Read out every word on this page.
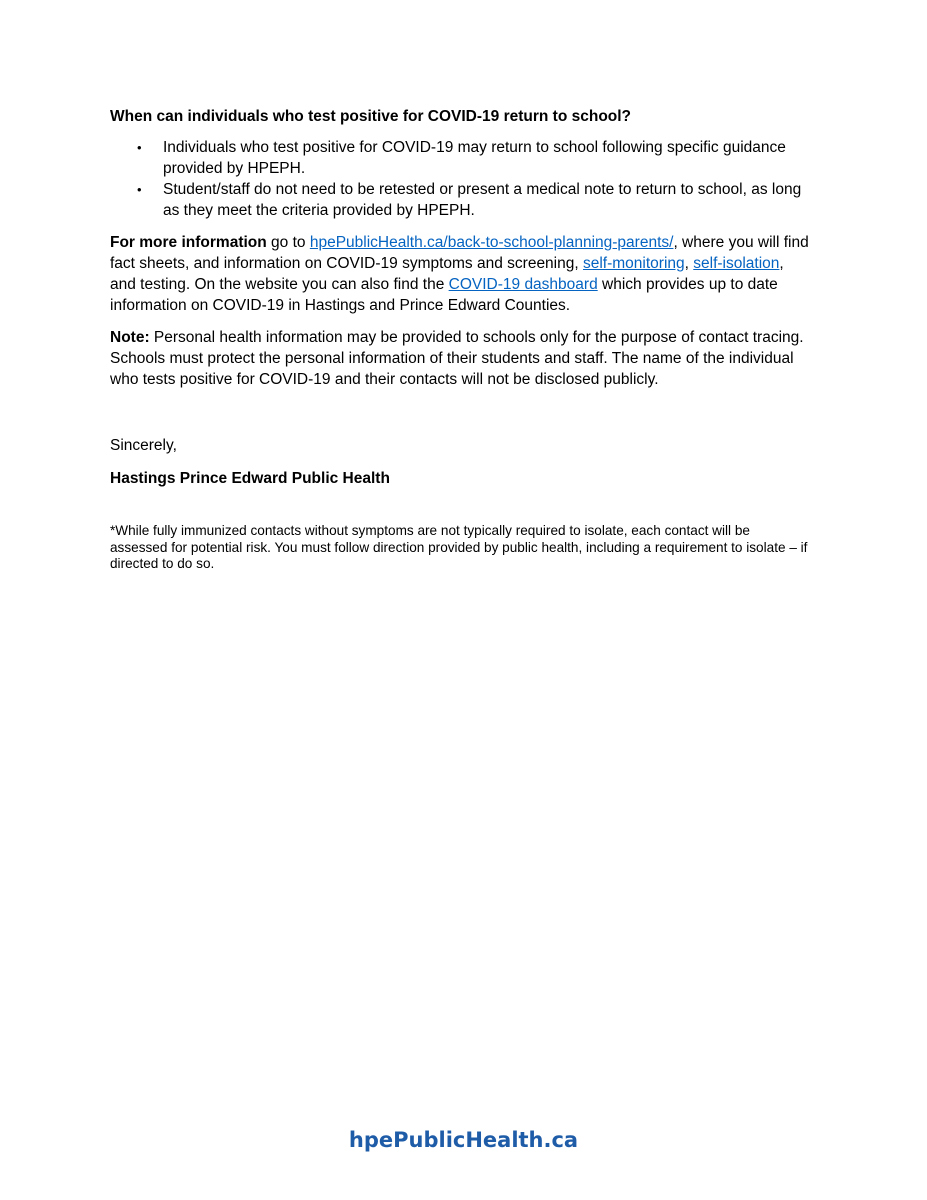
When can individuals who test positive for COVID-19 return to school?
• Individuals who test positive for COVID-19 may return to school following specific guidance provided by HPEPH.
• Student/staff do not need to be retested or present a medical note to return to school, as long as they meet the criteria provided by HPEPH.

For more information go to hpePublicHealth.ca/back-to-school-planning-parents/, where you will find fact sheets, and information on COVID-19 symptoms and screening, self-monitoring, self-isolation, and testing. On the website you can also find the COVID-19 dashboard which provides up to date information on COVID-19 in Hastings and Prince Edward Counties.

Note: Personal health information may be provided to schools only for the purpose of contact tracing. Schools must protect the personal information of their students and staff. The name of the individual who tests positive for COVID-19 and their contacts will not be disclosed publicly.

Sincerely,

Hastings Prince Edward Public Health

*While fully immunized contacts without symptoms are not typically required to isolate, each contact will be assessed for potential risk. You must follow direction provided by public health, including a requirement to isolate – if directed to do so.
hpePublicHealth.ca
